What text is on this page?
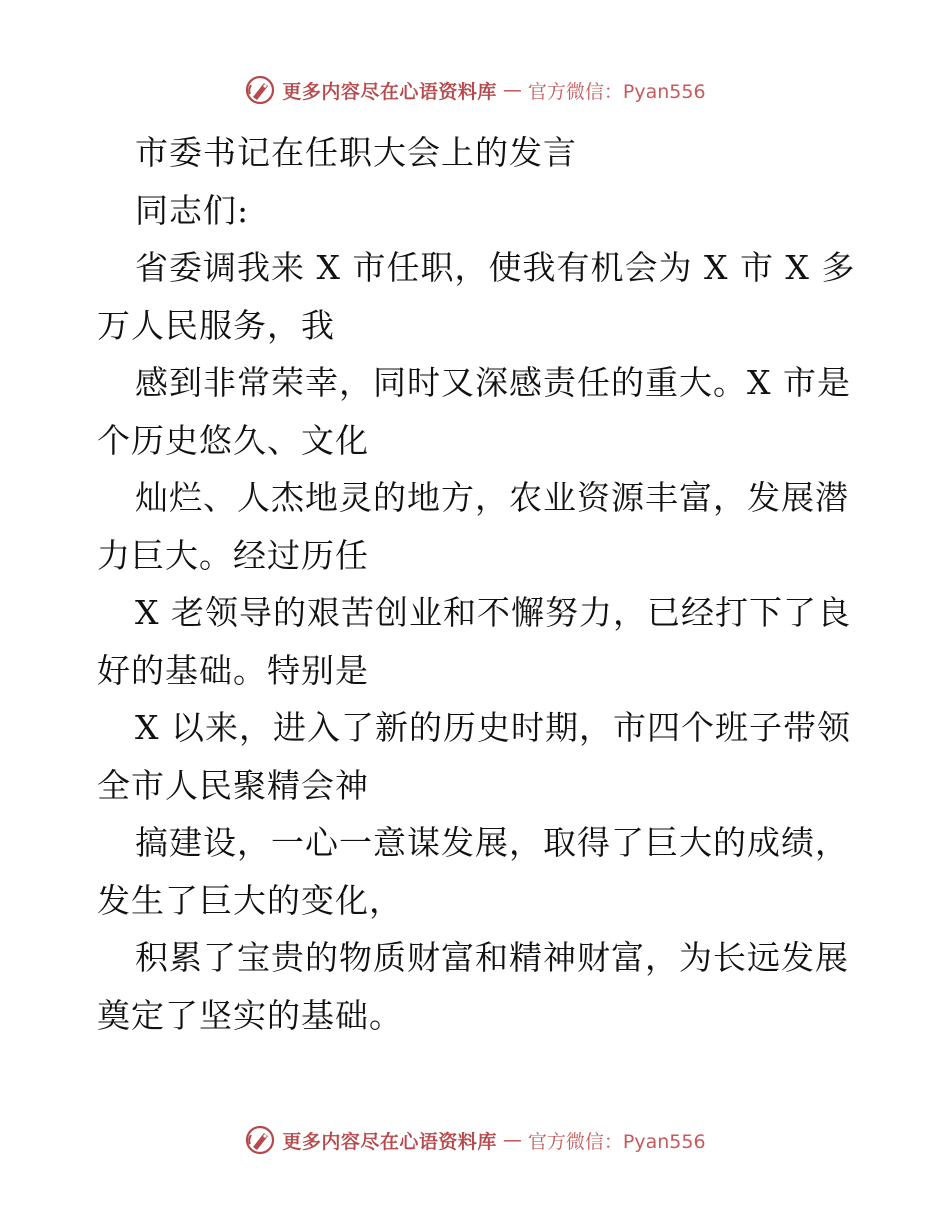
更多内容尽在心语资料库 — 官方微信：Pyan556
市委书记在任职大会上的发言
同志们:
省委调我来 X 市任职，使我有机会为 X 市 X 多
万人民服务，我
感到非常荣幸，同时又深感责任的重大。X 市是
个历史悠久、文化
灿烂、人杰地灵的地方，农业资源丰富，发展潜
力巨大。经过历任
X 老领导的艰苦创业和不懈努力，已经打下了良
好的基础。特别是
X 以来，进入了新的历史时期，市四个班子带领
全市人民聚精会神
搞建设，一心一意谋发展，取得了巨大的成绩，
发生了巨大的变化，
积累了宝贵的物质财富和精神财富，为长远发展
奠定了坚实的基础。
更多内容尽在心语资料库 — 官方微信：Pyan556
